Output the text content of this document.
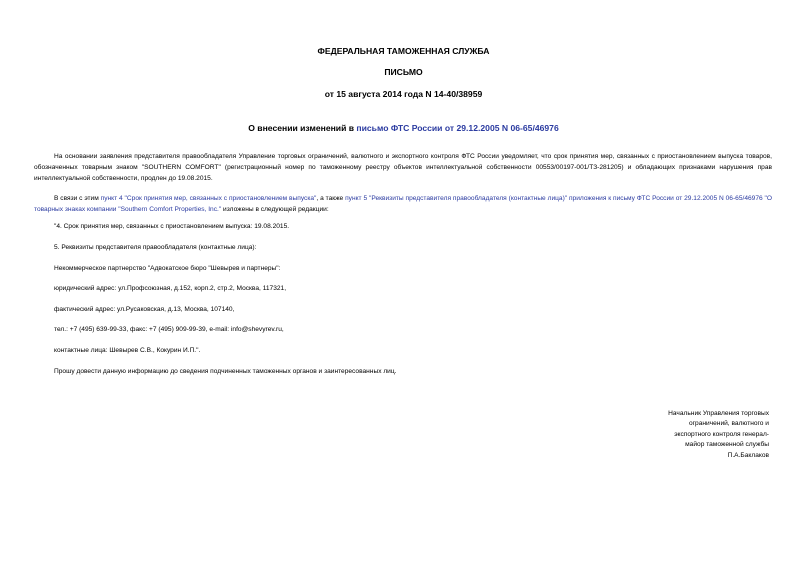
ФЕДЕРАЛЬНАЯ ТАМОЖЕННАЯ СЛУЖБА
ПИСЬМО
от 15 августа 2014 года N 14-40/38959
О внесении изменений в письмо ФТС России от 29.12.2005 N 06-65/46976
На основании заявления представителя правообладателя Управление торговых ограничений, валютного и экспортного контроля ФТС России уведомляет, что срок принятия мер, связанных с приостановлением выпуска товаров, обозначенных товарным знаком "SOUTHERN COMFORT" (регистрационный номер по таможенному реестру объектов интеллектуальной собственности 00553/00197-001/ТЗ-281205) и обладающих признаками нарушения прав интеллектуальной собственности, продлен до 19.08.2015.
В связи с этим пункт 4 "Срок принятия мер, связанных с приостановлением выпуска", а также пункт 5 "Реквизиты представителя правообладателя (контактные лица)" приложения к письму ФТС России от 29.12.2005 N 06-65/46976 "О товарных знаках компании "Southern Comfort Properties, Inc." изложены в следующей редакции:
"4. Срок принятия мер, связанных с приостановлением выпуска: 19.08.2015.
5. Реквизиты представителя правообладателя (контактные лица):
Некоммерческое партнерство "Адвокатское бюро "Шевырев и партнеры":
юридический адрес: ул.Профсоюзная, д.152, корп.2, стр.2, Москва, 117321,
фактический адрес: ул.Русаковская, д.13, Москва, 107140,
тел.: +7 (495) 639-99-33, факс: +7 (495) 909-99-39, e-mail: info@shevyrev.ru,
контактные лица: Шевырев С.В., Кокурин И.П.".
Прошу довести данную информацию до сведения подчиненных таможенных органов и заинтересованных лиц.
Начальник Управления торговых
ограничений, валютного и
экспортного контроля генерал-
майор таможенной службы
П.А.Баклаков
